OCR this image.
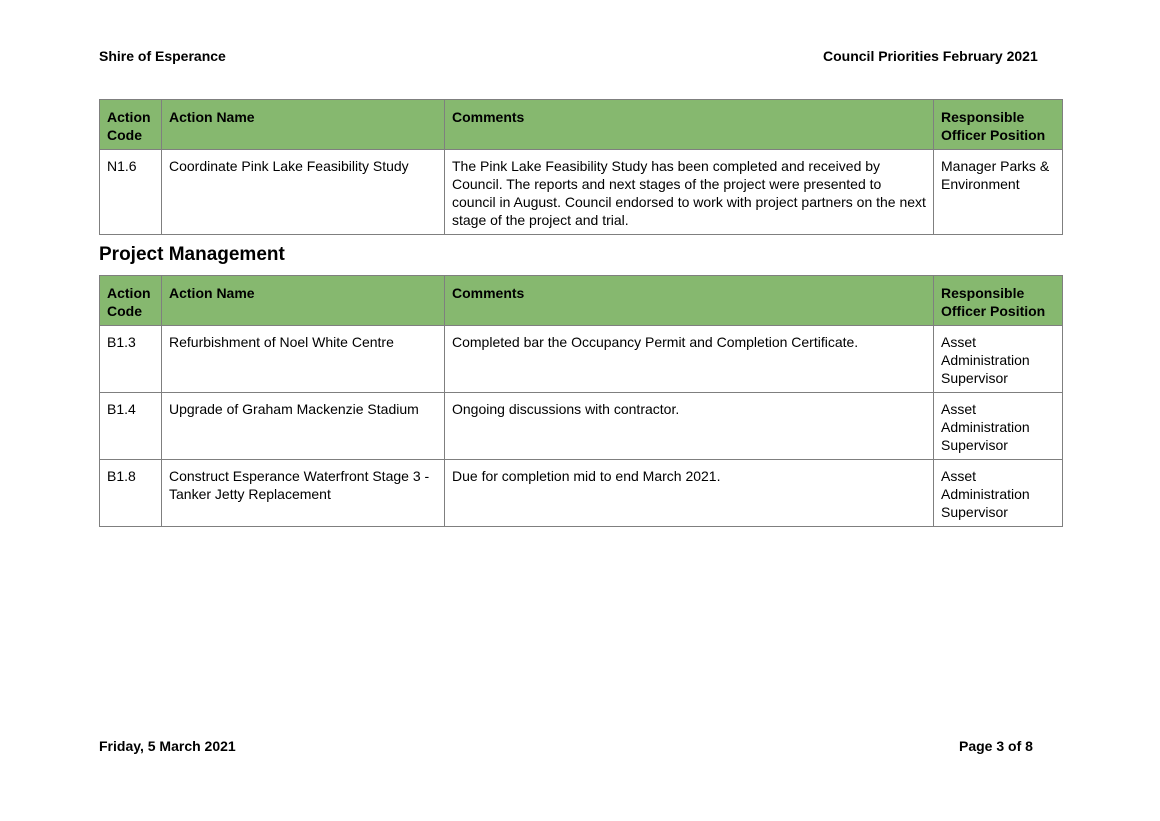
Shire of Esperance	Council Priorities February 2021
Action Code	Action Name	Comments	Responsible Officer Position
N1.6	Coordinate Pink Lake Feasibility Study	The Pink Lake Feasibility Study has been completed and received by Council. The reports and next stages of the project were presented to council in August. Council endorsed to work with project partners on the next stage of the project and trial.	Manager Parks & Environment
Project Management
Action Code	Action Name	Comments	Responsible Officer Position
B1.3	Refurbishment of Noel White Centre	Completed bar the Occupancy Permit and Completion Certificate.	Asset Administration Supervisor
B1.4	Upgrade of Graham Mackenzie Stadium	Ongoing discussions with contractor.	Asset Administration Supervisor
B1.8	Construct Esperance Waterfront Stage 3 - Tanker Jetty Replacement	Due for completion mid to end March 2021.	Asset Administration Supervisor
Friday, 5 March 2021	Page 3 of 8
